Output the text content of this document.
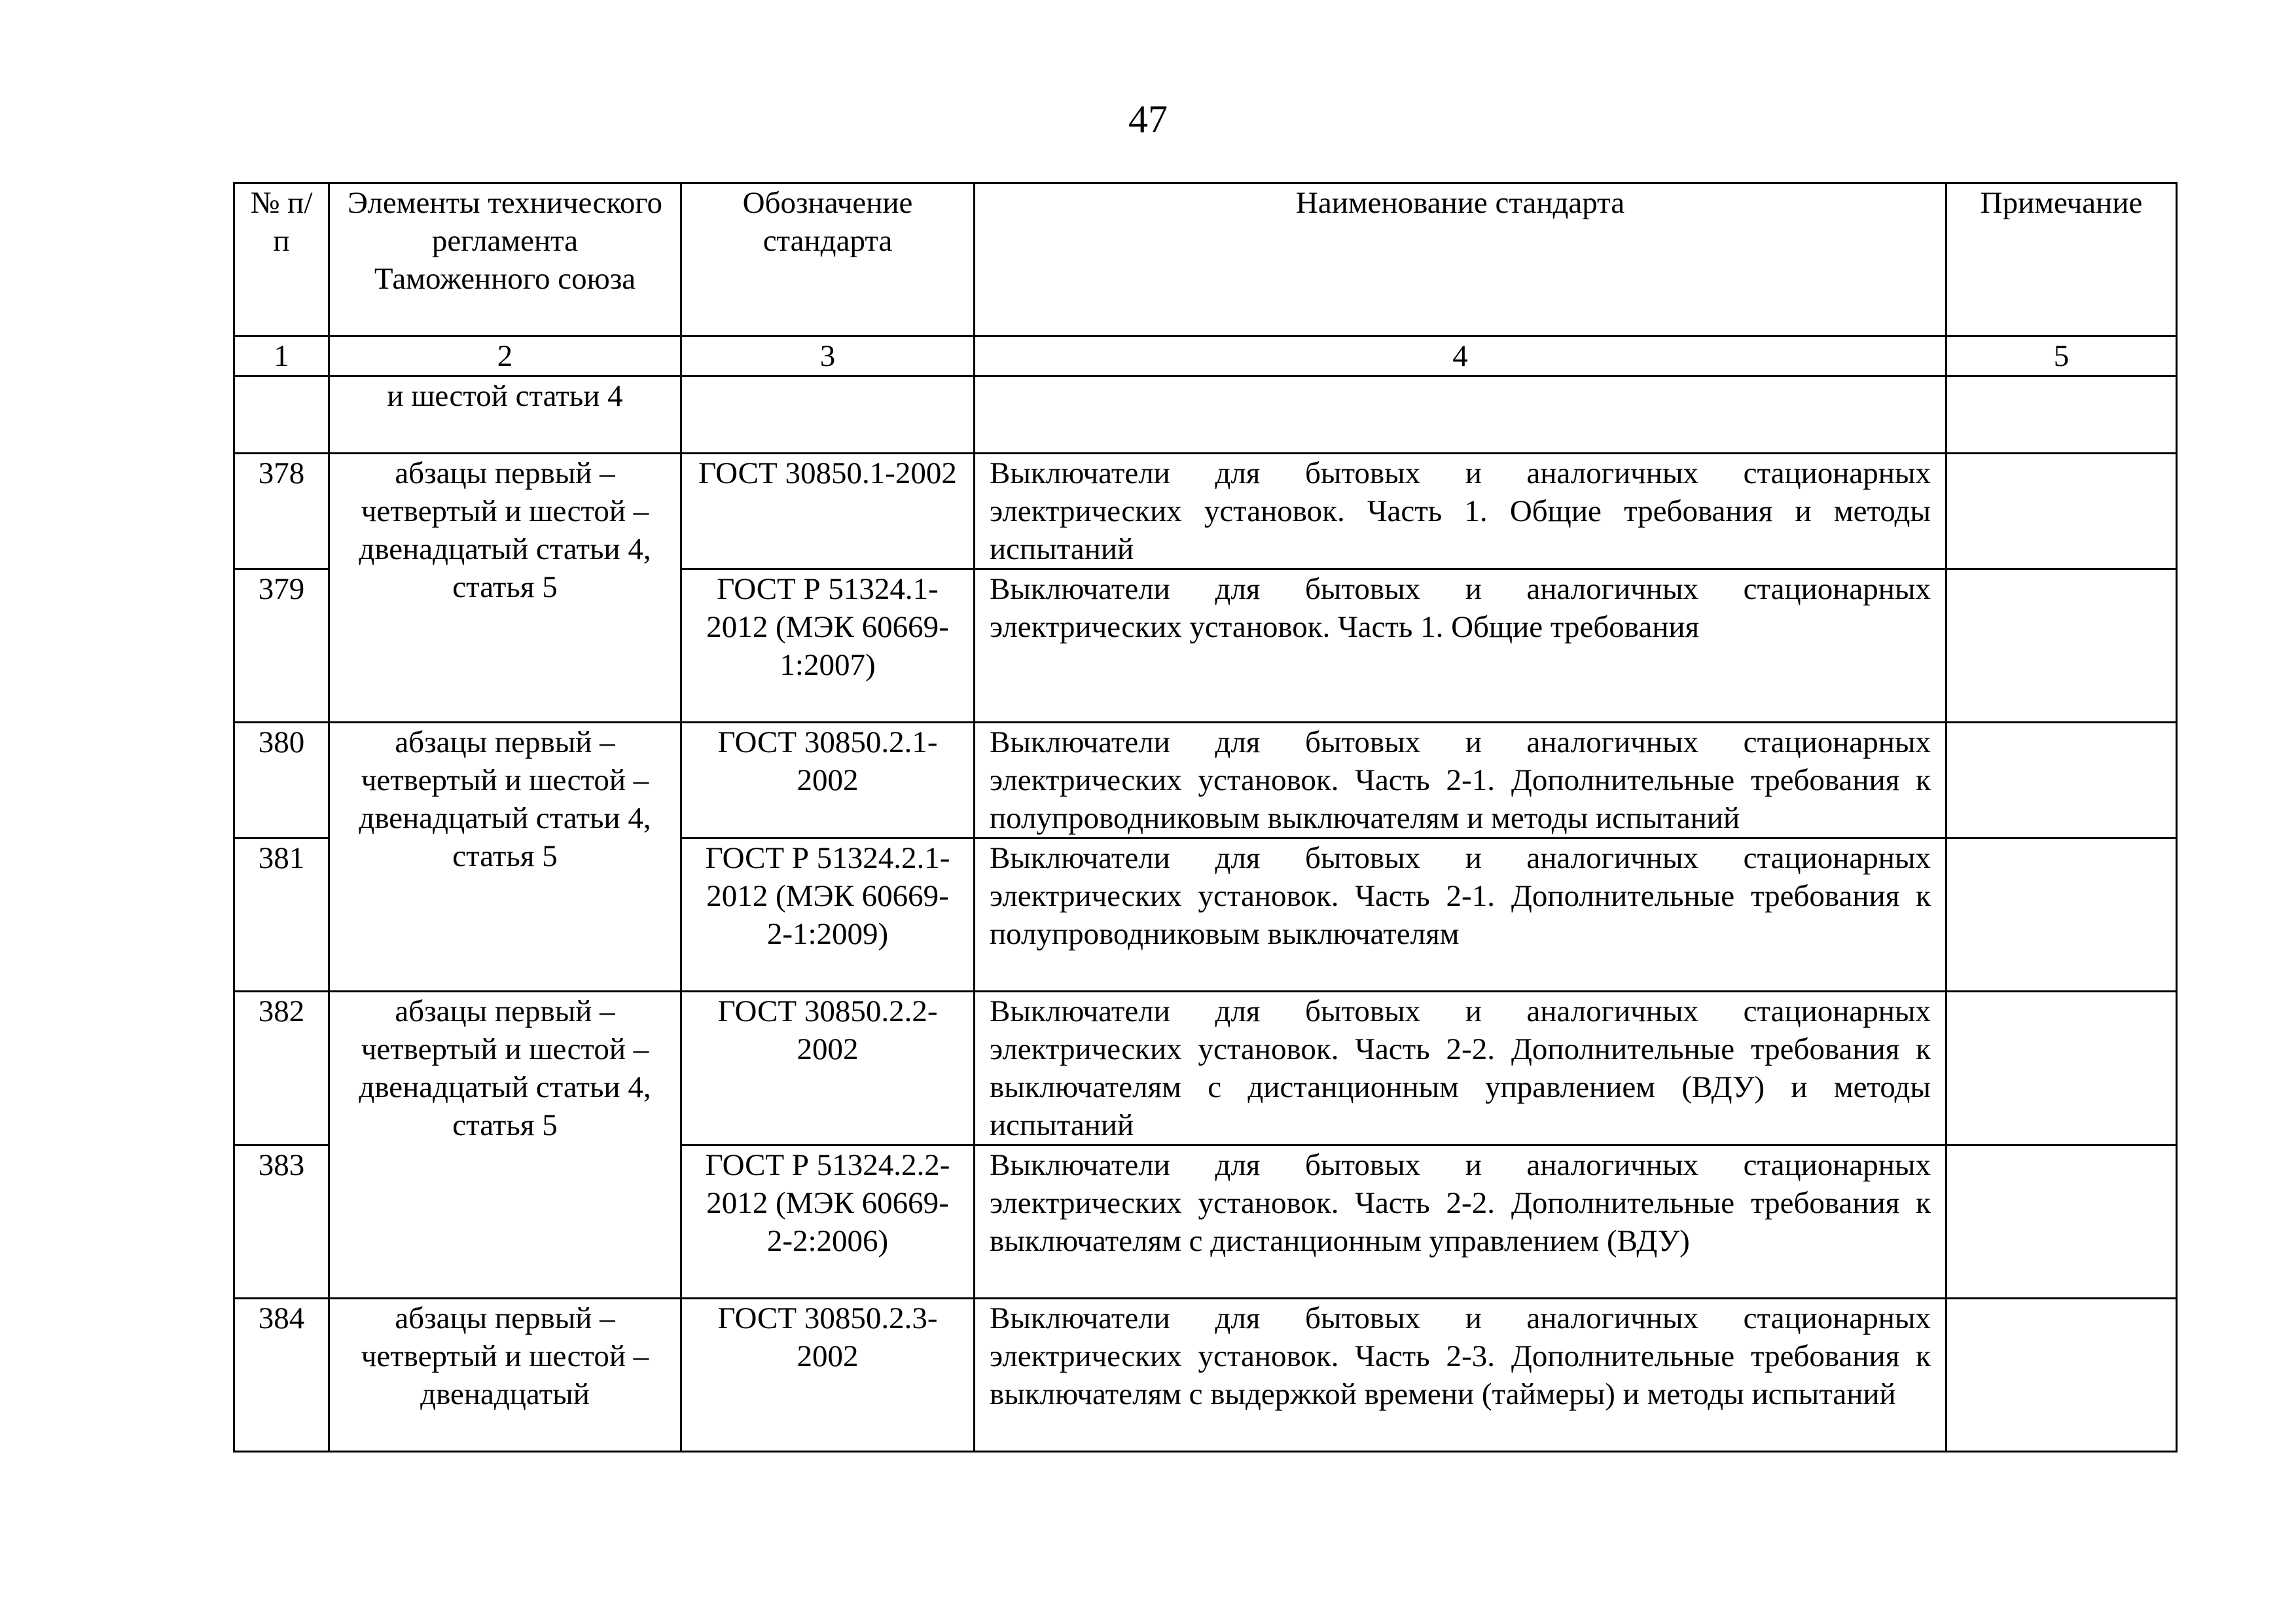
47
№ п/п	Элементы технического регламента Таможенного союза	Обозначение стандарта	Наименование стандарта	Примечание
1	2	3	4	5
	и шестой статьи 4			
378	абзацы первый – четвертый и шестой – двенадцатый статьи 4, статья 5	ГОСТ 30850.1-2002	Выключатели для бытовых и аналогичных стационарных электрических установок. Часть 1. Общие требования и методы испытаний	
379		ГОСТ Р 51324.1-2012 (МЭК 60669-1:2007)	Выключатели для бытовых и аналогичных стационарных электрических установок. Часть 1. Общие требования	
380	абзацы первый – четвертый и шестой – двенадцатый статьи 4, статья 5	ГОСТ 30850.2.1-2002	Выключатели для бытовых и аналогичных стационарных электрических установок. Часть 2-1. Дополнительные требования к полупроводниковым выключателям и методы испытаний	
381		ГОСТ Р 51324.2.1-2012 (МЭК 60669-2-1:2009)	Выключатели для бытовых и аналогичных стационарных электрических установок. Часть 2-1. Дополнительные требования к полупроводниковым выключателям	
382	абзацы первый – четвертый и шестой – двенадцатый статьи 4, статья 5	ГОСТ 30850.2.2-2002	Выключатели для бытовых и аналогичных стационарных электрических установок. Часть 2-2. Дополнительные требования к выключателям с дистанционным управлением (ВДУ) и методы испытаний	
383		ГОСТ Р 51324.2.2-2012 (МЭК 60669-2-2:2006)	Выключатели для бытовых и аналогичных стационарных электрических установок. Часть 2-2. Дополнительные требования к выключателям с дистанционным управлением (ВДУ)	
384	абзацы первый – четвертый и шестой – двенадцатый	ГОСТ 30850.2.3-2002	Выключатели для бытовых и аналогичных стационарных электрических установок. Часть 2-3. Дополнительные требования к выключателям с выдержкой времени (таймеры) и методы испытаний	
